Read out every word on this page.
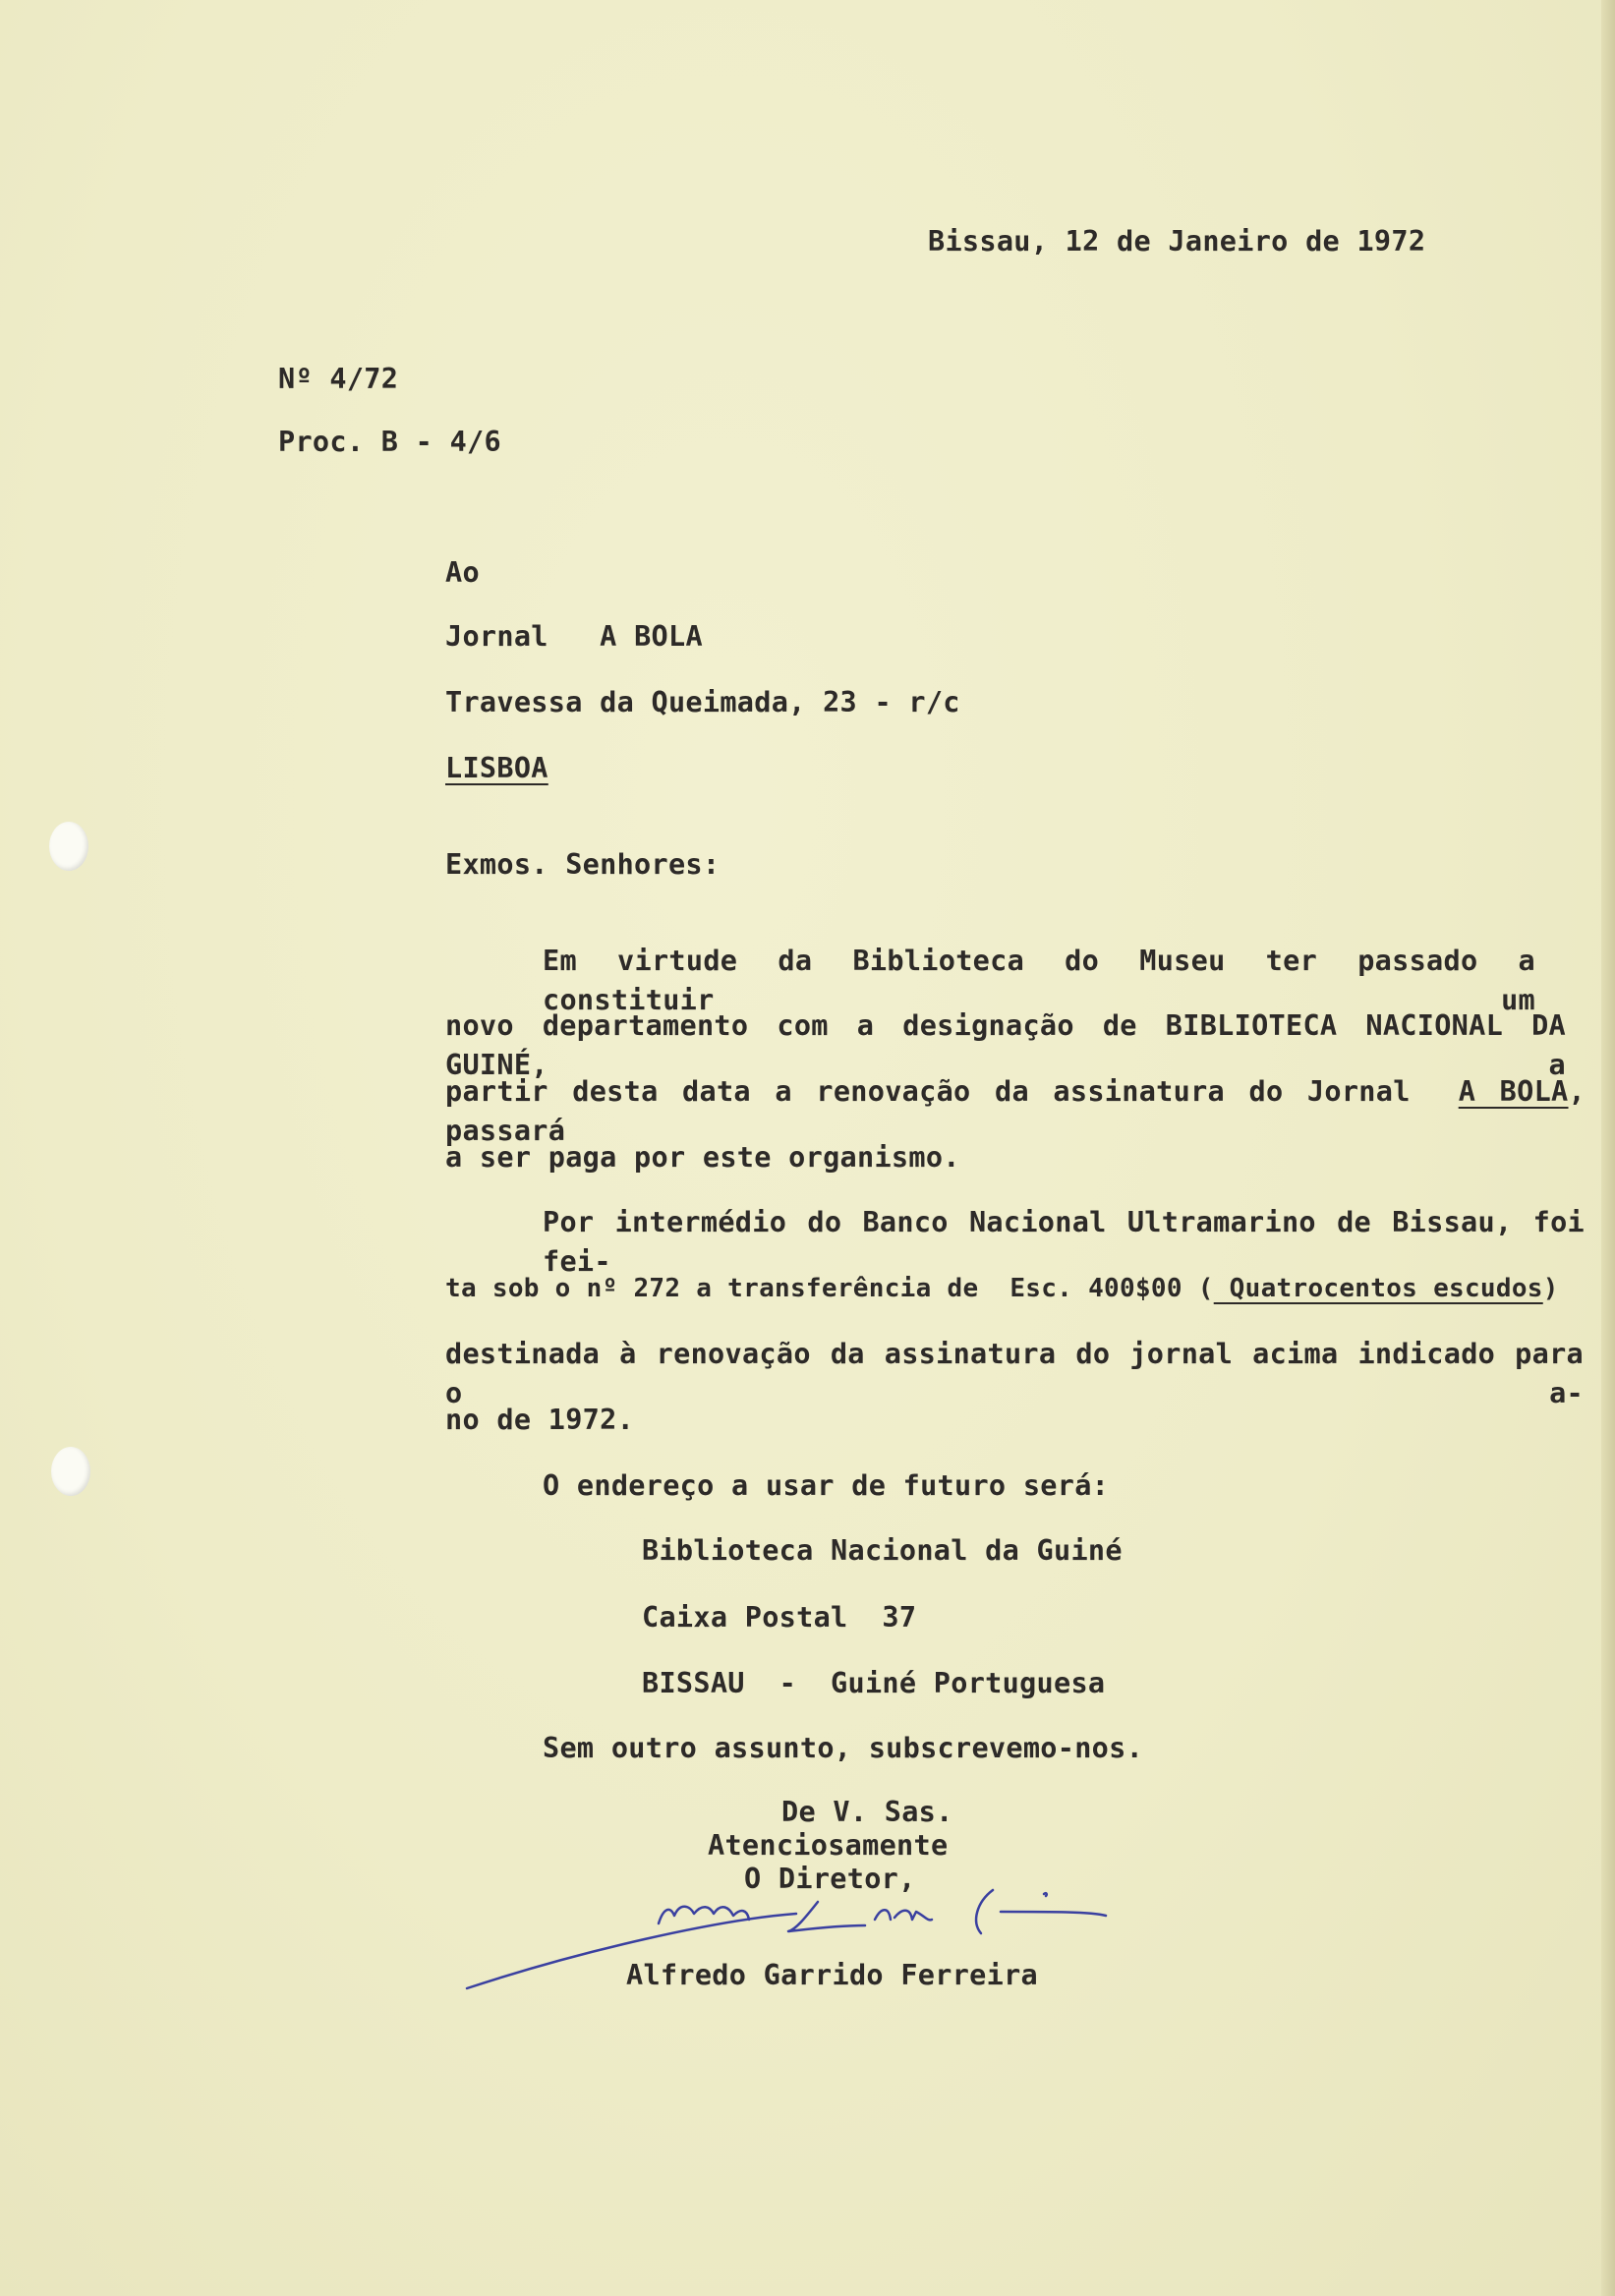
Bissau, 12 de Janeiro de 1972
Nº 4/72
Proc. B - 4/6
Ao
Jornal A BOLA
Travessa da Queimada, 23 - r/c
LISBOA
Exmos. Senhores:
Em virtude da Biblioteca do Museu ter passado a constituir um
novo departamento com a designação de BIBLIOTECA NACIONAL DA GUINÉ, a
partir desta data a renovação da assinatura do Jornal A BOLA, passará
a ser paga por este organismo.
Por intermédio do Banco Nacional Ultramarino de Bissau, foi fei-
ta sob o nº 272 a transferência de  Esc. 400$00 ( Quatrocentos escudos)
destinada à renovação da assinatura do jornal acima indicado para o a-
no de 1972.
O endereço a usar de futuro será:
Biblioteca Nacional da Guiné
Caixa Postal  37
BISSAU  -  Guiné Portuguesa
Sem outro assunto, subscrevemo-nos.
De V. Sas.
Atenciosamente
O Diretor,
Alfredo Garrido Ferreira
